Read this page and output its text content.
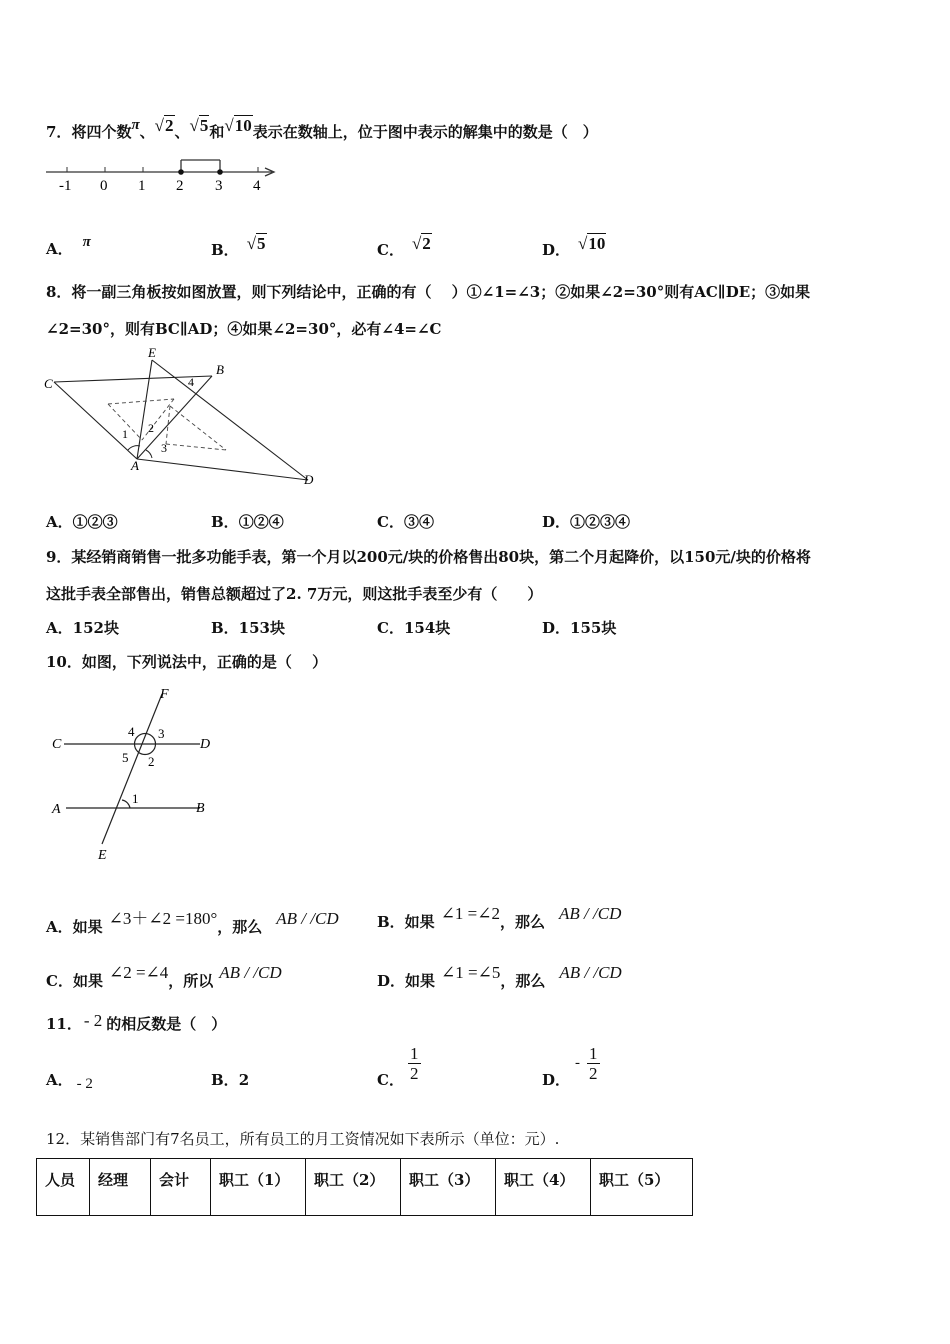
7．将四个数π、√2、√5和√10表示在数轴上，位于图中表示的解集中的数是（　）
-1 0 1 2 3 4
A． π	B． √5	C． √2	D． √10
8．将一副三角板按如图放置，则下列结论中，正确的有（　 ）①∠1=∠3；②如果∠2=30°则有AC∥DE；③如果
∠2=30°，则有BC∥AD；④如果∠2=30°，必有∠4=∠C
C
E
B
A
D
1 2
3
4
A．①②③	B．①②④	C．③④	D．①②③④
9．某经销商销售一批多功能手表，第一个月以200元/块的价格售出80块，第二个月起降价，以150元/块的价格将
这批手表全部售出，销售总额超过了2. 7万元，则这批手表至少有（　　）
A．152块	B．153块	C．154块	D．155块
10．如图，下列说法中，正确的是（　 ）
F
C	D
A	B
E
4 3
5 2
1
A．如果 ∠3＋∠2 =180°，那么 AB / /CD	B．如果 ∠1 =∠2，那么 AB / /CD
C．如果 ∠2 =∠4，所以 AB / /CD	D．如果 ∠1 =∠5，那么 AB / /CD
11． - 2 的相反数是（　）
A． - 2	B．2	C． $\frac{1}{2}$	D．
- $\frac{1}{2}$
12．某销售部门有7名员工，所有员工的月工资情况如下表所示（单位：元）.
人员	经理	会计	职工（1）	职工（2）	职工（3）	职工（4）	职工（5）
